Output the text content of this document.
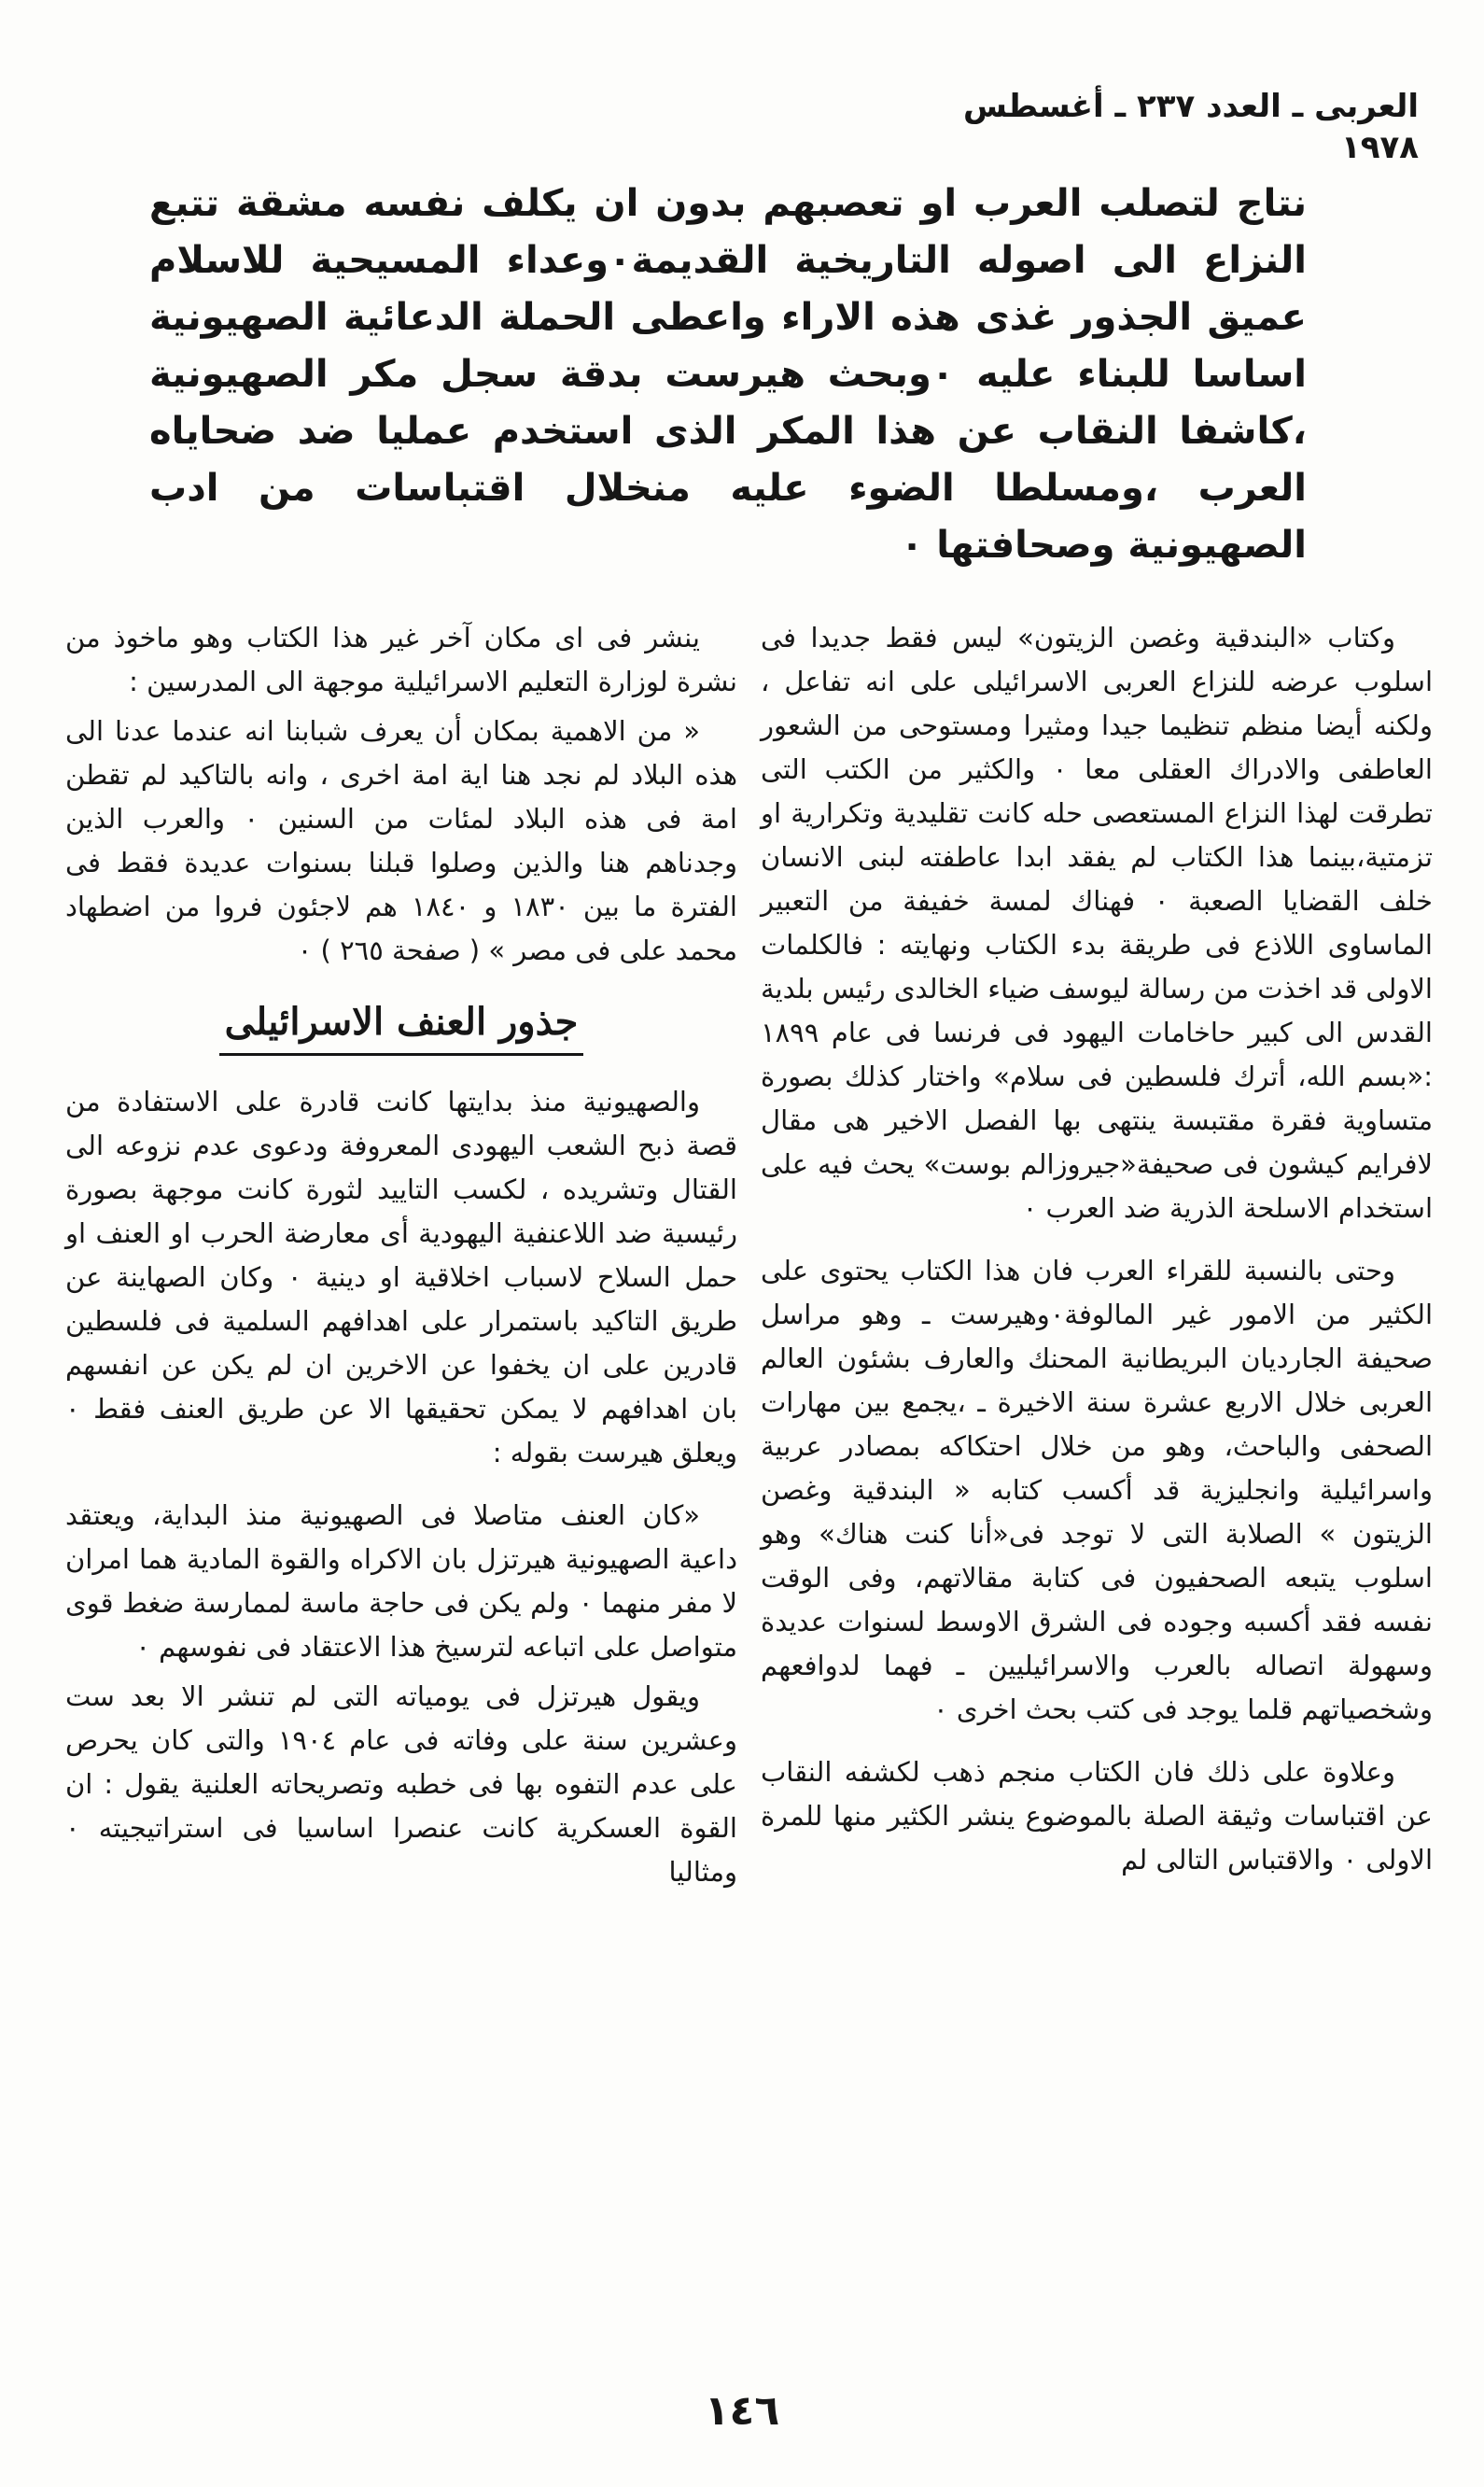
العربى ـ العدد ٢٣٧ ـ أغسطس ١٩٧٨

نتاج لتصلب العرب او تعصبهم بدون ان يكلف نفسه مشقة تتبع النزاع الى اصوله التاريخية القديمة٠وعداء المسيحية للاسلام عميق الجذور غذى هذه الاراء واعطى الحملة الدعائية الصهيونية اساسا للبناء عليه ٠وبحث هيرست بدقة سجل مكر الصهيونية ،كاشفا النقاب عن هذا المكر الذى استخدم عمليا ضد ضحاياه العرب ،ومسلطا الضوء عليه منخلال اقتباسات من ادب الصهيونية وصحافتها ٠

وكتاب «البندقية وغصن الزيتون» ليس فقط جديدا فى اسلوب عرضه للنزاع العربى الاسرائيلى على انه تفاعل ، ولكنه أيضا منظم تنظيما جيدا ومثيرا ومستوحى من الشعور العاطفى والادراك العقلى معا ٠ والكثير من الكتب التى تطرقت لهذا النزاع المستعصى حله كانت تقليدية وتكرارية او تزمتية،بينما هذا الكتاب لم يفقد ابدا عاطفته لبنى الانسان خلف القضايا الصعبة ٠ فهناك لمسة خفيفة من التعبير الماساوى اللاذع فى طريقة بدء الكتاب ونهايته : فالكلمات الاولى قد اخذت من رسالة ليوسف ضياء الخالدى رئيس بلدية القدس الى كبير حاخامات اليهود فى فرنسا فى عام ١٨٩٩ :«بسم الله، أترك فلسطين فى سلام» واختار كذلك بصورة متساوية فقرة مقتبسة ينتهى بها الفصل الاخير هى مقال لافرايم كيشون فى صحيفة«جيروزالم بوست» يحث فيه على استخدام الاسلحة الذرية ضد العرب ٠

وحتى بالنسبة للقراء العرب فان هذا الكتاب يحتوى على الكثير من الامور غير المالوفة٠وهيرست ـ وهو مراسل صحيفة الجارديان البريطانية المحنك والعارف بشئون العالم العربى خلال الاربع عشرة سنة الاخيرة ـ ،يجمع بين مهارات الصحفى والباحث، وهو من خلال احتكاكه بمصادر عربية واسرائيلية وانجليزية قد أكسب كتابه « البندقية وغصن الزيتون » الصلابة التى لا توجد فى«أنا كنت هناك» وهو اسلوب يتبعه الصحفيون فى كتابة مقالاتهم، وفى الوقت نفسه فقد أكسبه وجوده فى الشرق الاوسط لسنوات عديدة وسهولة اتصاله بالعرب والاسرائيليين ـ فهما لدوافعهم وشخصياتهم قلما يوجد فى كتب بحث اخرى ٠

وعلاوة على ذلك فان الكتاب منجم ذهب لكشفه النقاب عن اقتباسات وثيقة الصلة بالموضوع ينشر الكثير منها للمرة الاولى ٠ والاقتباس التالى لم

ينشر فى اى مكان آخر غير هذا الكتاب وهو ماخوذ من نشرة لوزارة التعليم الاسرائيلية موجهة الى المدرسين :

« من الاهمية بمكان أن يعرف شبابنا انه عندما عدنا الى هذه البلاد لم نجد هنا اية امة اخرى ، وانه بالتاكيد لم تقطن امة فى هذه البلاد لمئات من السنين ٠ والعرب الذين وجدناهم هنا والذين وصلوا قبلنا بسنوات عديدة فقط فى الفترة ما بين ١٨٣٠ و ١٨٤٠ هم لاجئون فروا من اضطهاد محمد على فى مصر » ( صفحة ٢٦٥ ) ٠

جذور العنف الاسرائيلى

والصهيونية منذ بدايتها كانت قادرة على الاستفادة من قصة ذبح الشعب اليهودى المعروفة ودعوى عدم نزوعه الى القتال وتشريده ، لكسب التاييد لثورة كانت موجهة بصورة رئيسية ضد اللاعنفية اليهودية أى معارضة الحرب او العنف او حمل السلاح لاسباب اخلاقية او دينية ٠ وكان الصهاينة عن طريق التاكيد باستمرار على اهدافهم السلمية فى فلسطين قادرين على ان يخفوا عن الاخرين ان لم يكن عن انفسهم بان اهدافهم لا يمكن تحقيقها الا عن طريق العنف فقط ٠ ويعلق هيرست بقوله :

«كان العنف متاصلا فى الصهيونية منذ البداية، ويعتقد داعية الصهيونية هيرتزل بان الاكراه والقوة المادية هما امران لا مفر منهما ٠ ولم يكن فى حاجة ماسة لممارسة ضغط قوى متواصل على اتباعه لترسيخ هذا الاعتقاد فى نفوسهم ٠

ويقول هيرتزل فى يومياته التى لم تنشر الا بعد ست وعشرين سنة على وفاته فى عام ١٩٠٤ والتى كان يحرص على عدم التفوه بها فى خطبه وتصريحاته العلنية يقول : ان القوة العسكرية كانت عنصرا اساسيا فى استراتيجيته ٠ ومثاليا

١٤٦
